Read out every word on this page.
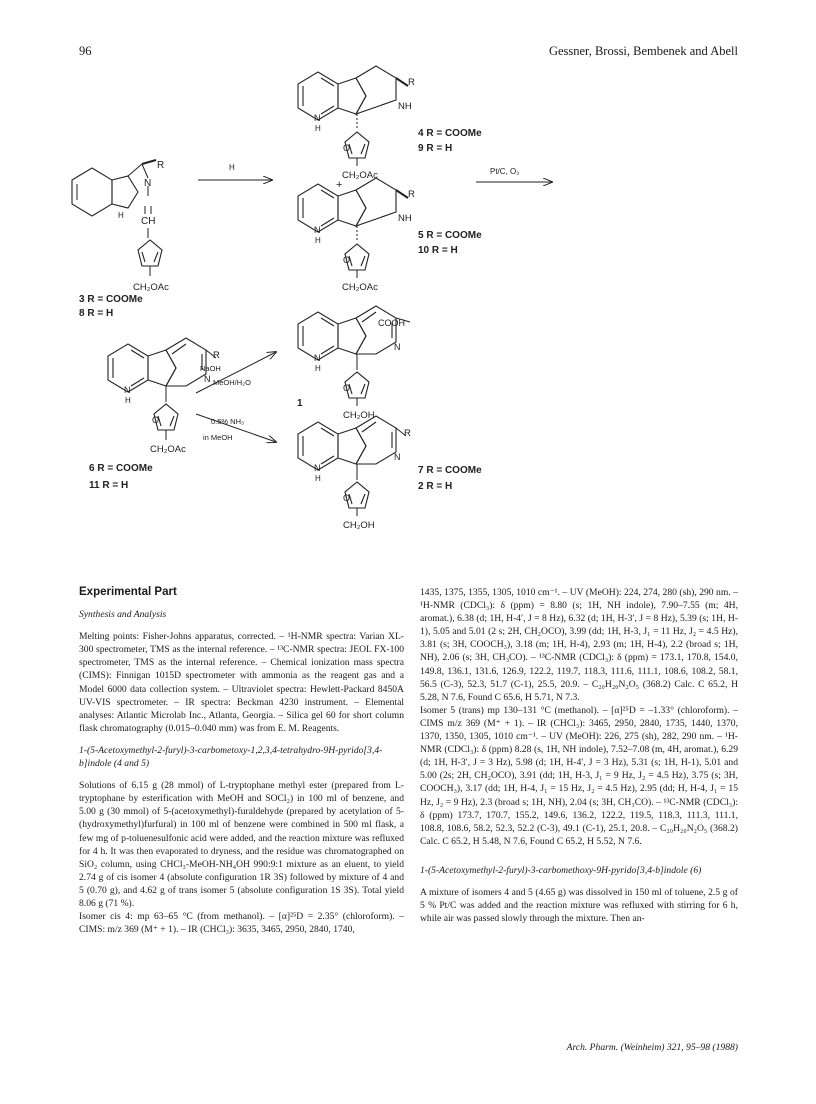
96	Gessner, Brossi, Bembenek and Abell
R
N
CH
H
CH₂OAc
3 R = COOMe
8 R = H
H
R
NH
N
H
O
CH₂OAc
4 R = COOMe
9 R = H
+
R
NH
N
H
O
CH₂OAc
5 R = COOMe
10 R = H
Pt/C, O₂
R
N
N
H
O
CH₂OAc
6 R = COOMe
11 R = H
NaOH
MeOH/H₂O
0.5% NH₃
in MeOH
COOH
N
N
H
O
CH₂OH
1
R
N
N
H
O
CH₂OH
7 R = COOMe
2 R = H

Experimental Part

Synthesis and Analysis

Melting points: Fisher-Johns apparatus, corrected. – ¹H-NMR spectra: Varian XL-300 spectrometer, TMS as the internal reference. – ¹³C-NMR spectra: JEOL FX-100 spectrometer, TMS as the internal reference. – Chemical ionization mass spectra (CIMS): Finnigan 1015D spectrometer with ammonia as the reagent gas and a Model 6000 data collection system. – Ultraviolet spectra: Hewlett-Packard 8450A UV-VIS spectrometer. – IR spectra: Beckman 4230 instrument. – Elemental analyses: Atlantic Microlab Inc., Atlanta, Georgia. – Silica gel 60 for short column flask chromatography (0.015–0.040 mm) was from E. M. Reagents.

1-(5-Acetoxymethyl-2-furyl)-3-carbometoxy-1,2,3,4-tetrahydro-9H-pyrido[3,4-b]indole (4 and 5)

Solutions of 6.15 g (28 mmol) of L-tryptophane methyl ester (prepared from L-tryptophane by esterification with MeOH and SOCl₂) in 100 ml of benzene, and 5.00 g (30 mmol) of 5-(acetoxymethyl)-furaldehyde (prepared by acetylation of 5-(hydroxymethyl)furfural) in 100 ml of benzene were combined in 500 ml flask, a few mg of p-toluenesulfonic acid were added, and the reaction mixture was refluxed for 4 h. It was then evaporated to dryness, and the residue was chromatographed on SiO₂ column, using CHCl₃-MeOH-NH₄OH 990:9:1 mixture as an eluent, to yield 2.74 g of cis isomer 4 (absolute configuration 1R 3S) followed by mixture of 4 and 5 (0.70 g), and 4.62 g of trans isomer 5 (absolute configuration 1S 3S). Total yield 8.06 g (71 %).

Isomer cis 4: mp 63–65 °C (from methanol). – [α]²⁵D = 2.35° (chloroform). – CIMS: m/z 369 (M⁺ + 1). – IR (CHCl₃): 3635, 3465, 2950, 2840, 1740,

1435, 1375, 1355, 1305, 1010 cm⁻¹. – UV (MeOH): 224, 274, 280 (sh), 290 nm. – ¹H-NMR (CDCl₃): δ (ppm) = 8.80 (s; 1H, NH indole), 7.90–7.55 (m; 4H, aromat.), 6.38 (d; 1H, H-4′, J = 8 Hz), 6.32 (d; 1H, H-3′, J = 8 Hz), 5.39 (s; 1H, H-1), 5.05 and 5.01 (2 s; 2H, CH₂OCO), 3.99 (dd; 1H, H-3, J₁ = 11 Hz, J₂ = 4.5 Hz), 3.81 (s; 3H, COOCH₃), 3.18 (m; 1H, H-4), 2.93 (m; 1H, H-4), 2.2 (broad s; 1H, NH), 2.06 (s; 3H, CH₃CO). – ¹³C-NMR (CDCl₃): δ (ppm) = 173.1, 170.8, 154.0, 149.8, 136.1, 131.6, 126.9, 122.2, 119.7, 118.3, 111.6, 111.1, 108.6, 108.2, 58.1, 56.5 (C-3), 52.3, 51.7 (C-1), 25.5, 20.9. – C₂₀H₂₀N₂O₅ (368.2) Calc. C 65.2, H 5.28, N 7.6, Found C 65.6, H 5.71, N 7.3.

Isomer 5 (trans) mp 130–131 °C (methanol). – [α]²⁵D = –1.33° (chloroform). – CIMS m/z 369 (M⁺ + 1). – IR (CHCl₃): 3465, 2950, 2840, 1735, 1440, 1370, 1370, 1350, 1305, 1010 cm⁻¹. – UV (MeOH): 226, 275 (sh), 282, 290 nm. – ¹H-NMR (CDCl₃): δ (ppm) 8.28 (s, 1H, NH indole), 7.52–7.08 (m, 4H, aromat.), 6.29 (d; 1H, H-3′, J = 3 Hz), 5.98 (d; 1H, H-4′, J = 3 Hz), 5.31 (s; 1H, H-1), 5.01 and 5.00 (2s; 2H, CH₂OCO), 3.91 (dd; 1H, H-3, J₁ = 9 Hz, J₂ = 4.5 Hz), 3.75 (s; 3H, COOCH₃), 3.17 (dd; 1H, H-4, J₁ = 15 Hz, J₂ = 4.5 Hz), 2.95 (dd; H, H-4, J₁ = 15 Hz, J₂ = 9 Hz), 2.3 (broad s; 1H, NH), 2.04 (s; 3H, CH₃CO). – ¹³C-NMR (CDCl₃): δ (ppm) 173.7, 170.7, 155.2, 149.6, 136.2, 122.2, 119.5, 118.3, 111.3, 111.1, 108.8, 108.6, 58.2, 52.3, 52.2 (C-3), 49.1 (C-1), 25.1, 20.8. – C₂₀H₂₀N₂O₅ (368.2) Calc. C 65.2, H 5.48, N 7.6, Found C 65.2, H 5.52, N 7.6.

1-(5-Acetoxymethyl-2-furyl)-3-carbomethoxy-9H-pyrido[3,4-b]indole (6)

A mixture of isomers 4 and 5 (4.65 g) was dissolved in 150 ml of toluene, 2.5 g of 5 % Pt/C was added and the reaction mixture was refluxed with stirring for 6 h, while air was passed slowly through the mixture. Then an-

Arch. Pharm. (Weinheim) 321, 95–98 (1988)
